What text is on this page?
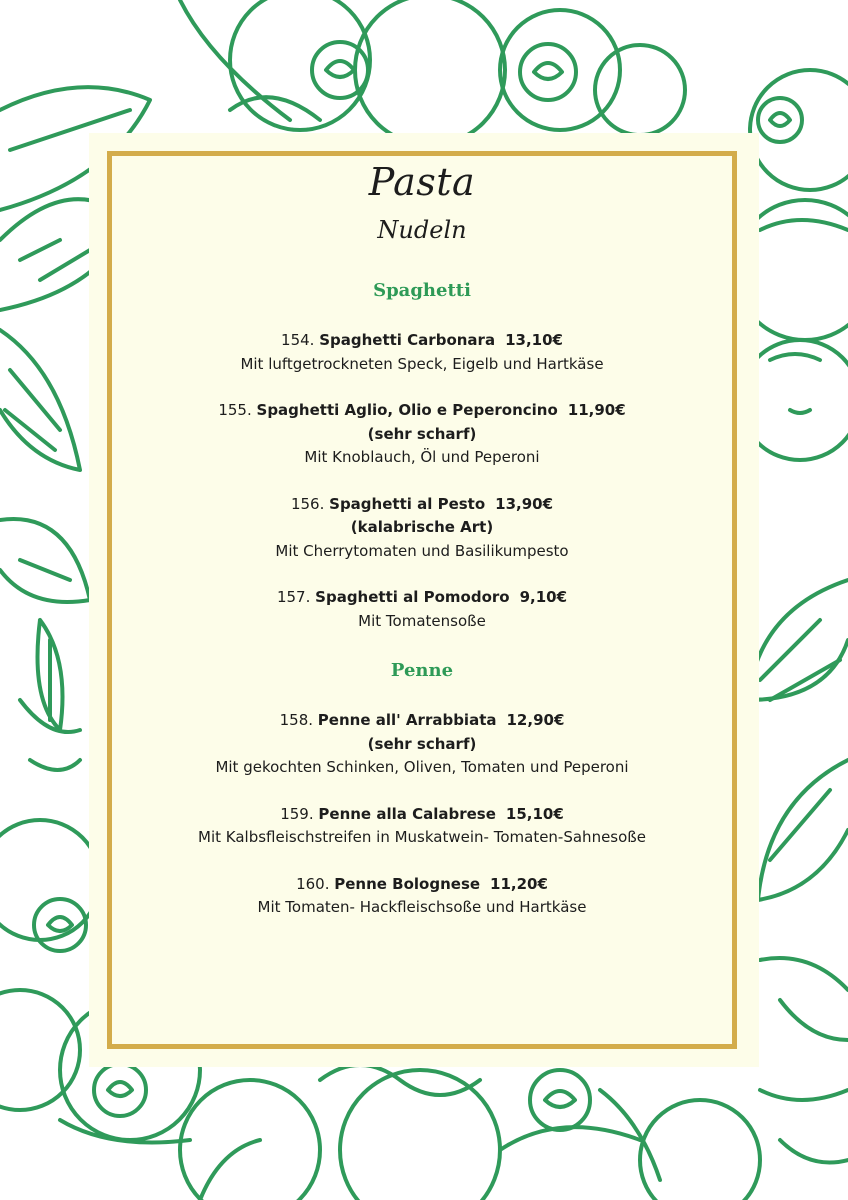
Pasta
Nudeln
Spaghetti
154. Spaghetti Carbonara 13,10€
Mit luftgetrockneten Speck, Eigelb und Hartkäse
155. Spaghetti Aglio, Olio e Peperoncino 11,90€
(sehr scharf)
Mit Knoblauch, Öl und Peperoni
156. Spaghetti al Pesto 13,90€
(kalabrische Art)
Mit Cherrytomaten und Basilikumpesto
157. Spaghetti al Pomodoro 9,10€
Mit Tomatensoße
Penne
158. Penne all' Arrabbiata 12,90€
(sehr scharf)
Mit gekochten Schinken, Oliven, Tomaten und Peperoni
159. Penne alla Calabrese 15,10€
Mit Kalbsfleischstreifen in Muskatwein- Tomaten-Sahnesoße
160. Penne Bolognese 11,20€
Mit Tomaten- Hackfleischsoße und Hartkäse
